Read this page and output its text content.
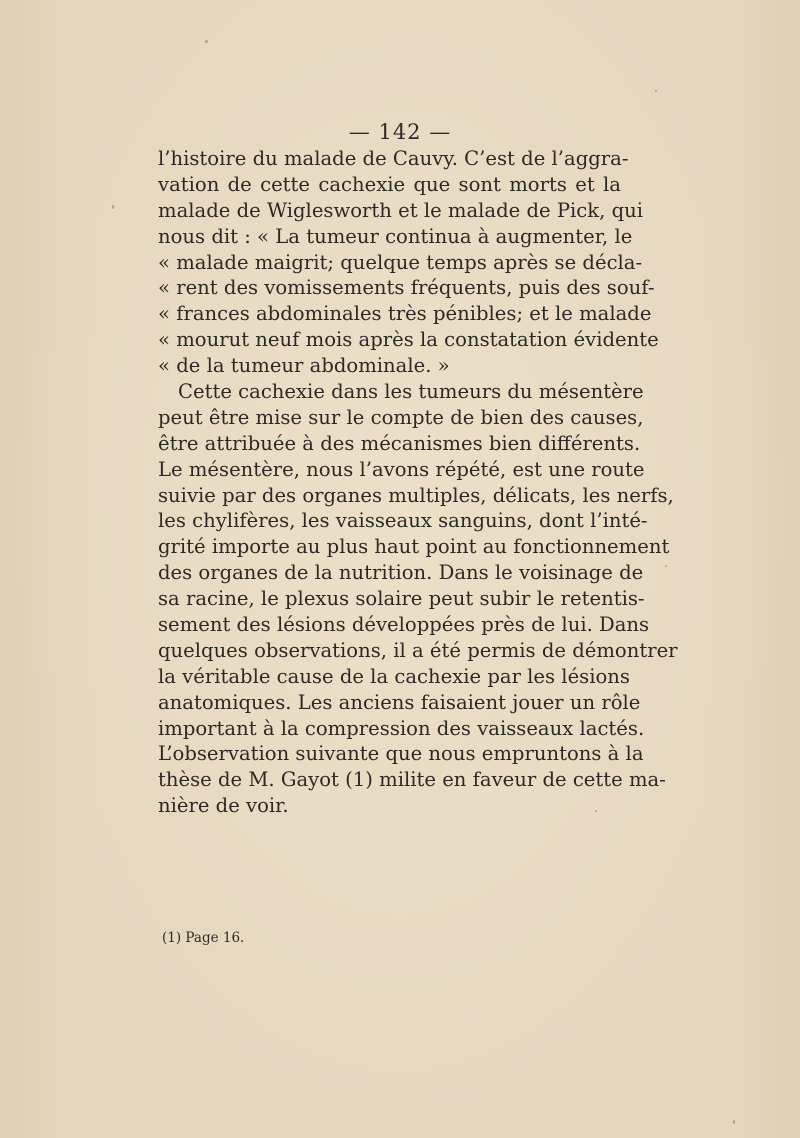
— 142 —
l’histoire du malade de Cauvy. C’est de l’aggra-
vation de cette cachexie que sont morts et la
malade de Wiglesworth et le malade de Pick, qui
nous dit : « La tumeur continua à augmenter, le
« malade maigrit; quelque temps après se décla-
« rent des vomissements fréquents, puis des souf-
« frances abdominales très pénibles; et le malade
« mourut neuf mois après la constatation évidente
« de la tumeur abdominale. »
Cette cachexie dans les tumeurs du mésentère
peut être mise sur le compte de bien des causes,
être attribuée à des mécanismes bien différents.
Le mésentère, nous l’avons répété, est une route
suivie par des organes multiples, délicats, les nerfs,
les chylifères, les vaisseaux sanguins, dont l’inté-
grité importe au plus haut point au fonctionnement
des organes de la nutrition. Dans le voisinage de
sa racine, le plexus solaire peut subir le retentis-
sement des lésions développées près de lui. Dans
quelques observations, il a été permis de démontrer
la véritable cause de la cachexie par les lésions
anatomiques. Les anciens faisaient jouer un rôle
important à la compression des vaisseaux lactés.
L’observation suivante que nous empruntons à la
thèse de M. Gayot (1) milite en faveur de cette ma-
nière de voir.
(1) Page 16.
